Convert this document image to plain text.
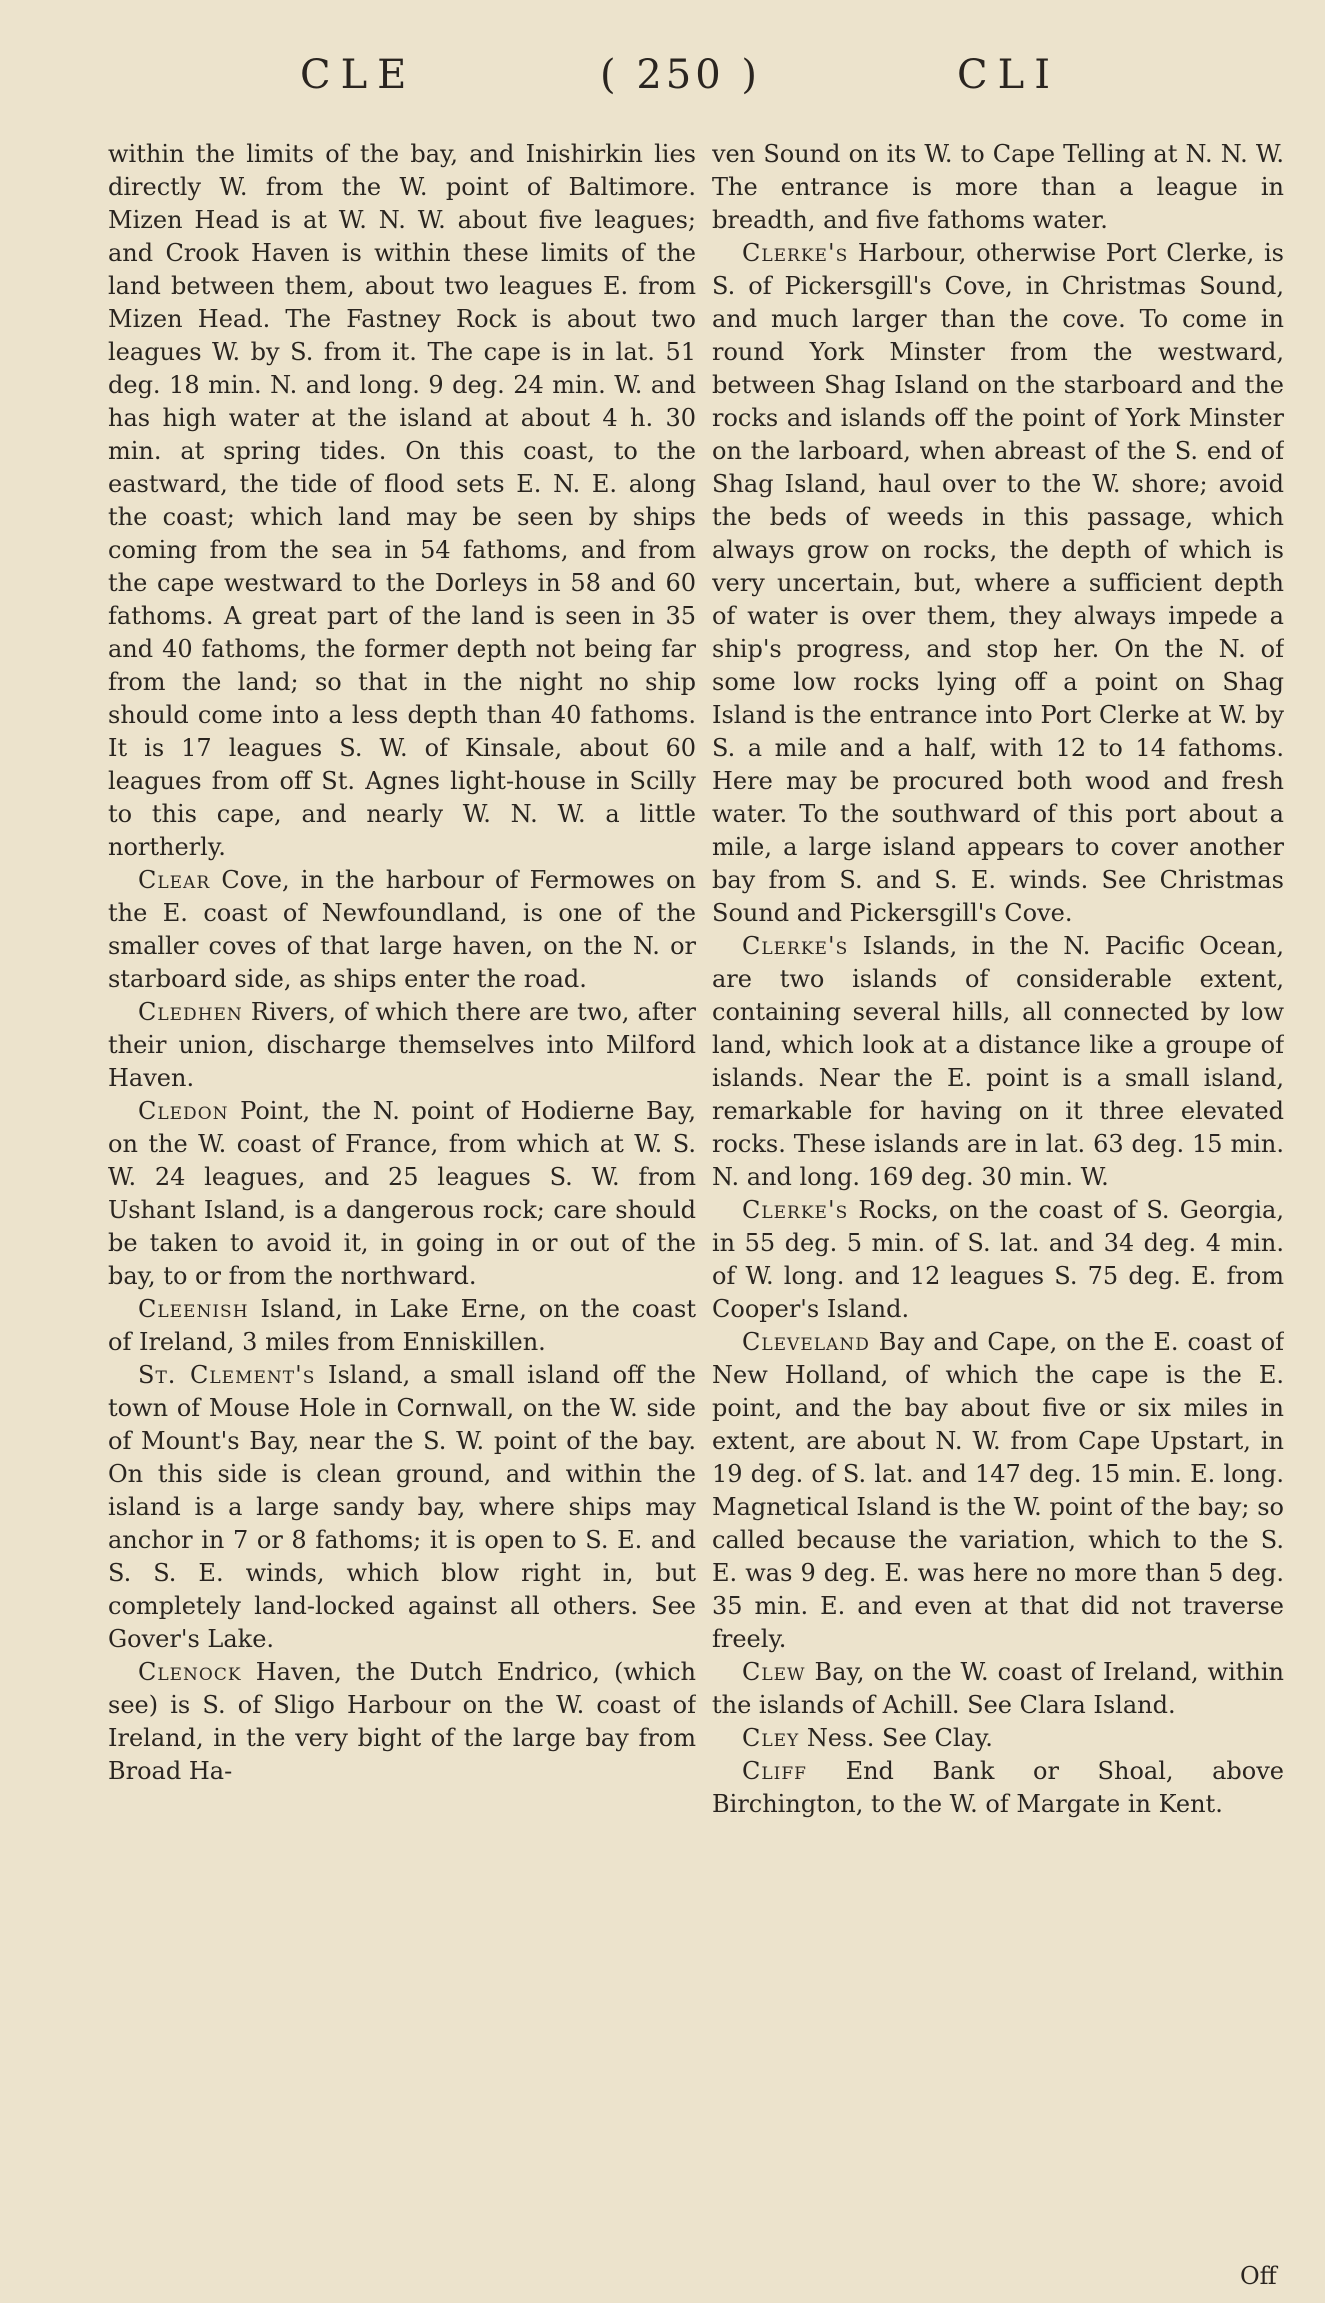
CLE	( 250 )	CLI

within the limits of the bay, and Inishirkin lies directly W. from the W. point of Baltimore. Mizen Head is at W. N. W. about five leagues; and Crook Haven is within these limits of the land between them, about two leagues E. from Mizen Head. The Fastney Rock is about two leagues W. by S. from it. The cape is in lat. 51 deg. 18 min. N. and long. 9 deg. 24 min. W. and has high water at the island at about 4 h. 30 min. at spring tides. On this coast, to the eastward, the tide of flood sets E. N. E. along the coast; which land may be seen by ships coming from the sea in 54 fathoms, and from the cape westward to the Dorleys in 58 and 60 fathoms. A great part of the land is seen in 35 and 40 fathoms, the former depth not being far from the land; so that in the night no ship should come into a less depth than 40 fathoms. It is 17 leagues S. W. of Kinsale, about 60 leagues from off St. Agnes light-house in Scilly to this cape, and nearly W. N. W. a little northerly.

Clear Cove, in the harbour of Fermowes on the E. coast of Newfoundland, is one of the smaller coves of that large haven, on the N. or starboard side, as ships enter the road.

Cledhen Rivers, of which there are two, after their union, discharge themselves into Milford Haven.

Cledon Point, the N. point of Hodierne Bay, on the W. coast of France, from which at W. S. W. 24 leagues, and 25 leagues S. W. from Ushant Island, is a dangerous rock; care should be taken to avoid it, in going in or out of the bay, to or from the northward.

Cleenish Island, in Lake Erne, on the coast of Ireland, 3 miles from Enniskillen.

St. Clement's Island, a small island off the town of Mouse Hole in Cornwall, on the W. side of Mount's Bay, near the S. W. point of the bay. On this side is clean ground, and within the island is a large sandy bay, where ships may anchor in 7 or 8 fathoms; it is open to S. E. and S. S. E. winds, which blow right in, but completely land-locked against all others. See Gover's Lake.

Clenock Haven, the Dutch Endrico, (which see) is S. of Sligo Harbour on the W. coast of Ireland, in the very bight of the large bay from Broad Ha-

ven Sound on its W. to Cape Telling at N. N. W. The entrance is more than a league in breadth, and five fathoms water.

Clerke's Harbour, otherwise Port Clerke, is S. of Pickersgill's Cove, in Christmas Sound, and much larger than the cove. To come in round York Minster from the westward, between Shag Island on the starboard and the rocks and islands off the point of York Minster on the larboard, when abreast of the S. end of Shag Island, haul over to the W. shore; avoid the beds of weeds in this passage, which always grow on rocks, the depth of which is very uncertain, but, where a sufficient depth of water is over them, they always impede a ship's progress, and stop her. On the N. of some low rocks lying off a point on Shag Island is the entrance into Port Clerke at W. by S. a mile and a half, with 12 to 14 fathoms. Here may be procured both wood and fresh water. To the southward of this port about a mile, a large island appears to cover another bay from S. and S. E. winds. See Christmas Sound and Pickersgill's Cove.

Clerke's Islands, in the N. Pacific Ocean, are two islands of considerable extent, containing several hills, all connected by low land, which look at a distance like a groupe of islands. Near the E. point is a small island, remarkable for having on it three elevated rocks. These islands are in lat. 63 deg. 15 min. N. and long. 169 deg. 30 min. W.

Clerke's Rocks, on the coast of S. Georgia, in 55 deg. 5 min. of S. lat. and 34 deg. 4 min. of W. long. and 12 leagues S. 75 deg. E. from Cooper's Island.

Cleveland Bay and Cape, on the E. coast of New Holland, of which the cape is the E. point, and the bay about five or six miles in extent, are about N. W. from Cape Upstart, in 19 deg. of S. lat. and 147 deg. 15 min. E. long. Magnetical Island is the W. point of the bay; so called because the variation, which to the S. E. was 9 deg. E. was here no more than 5 deg. 35 min. E. and even at that did not traverse freely.

Clew Bay, on the W. coast of Ireland, within the islands of Achill. See Clara Island.

Cley Ness. See Clay.

Cliff End Bank or Shoal, above Birchington, to the W. of Margate in Kent.

Off
